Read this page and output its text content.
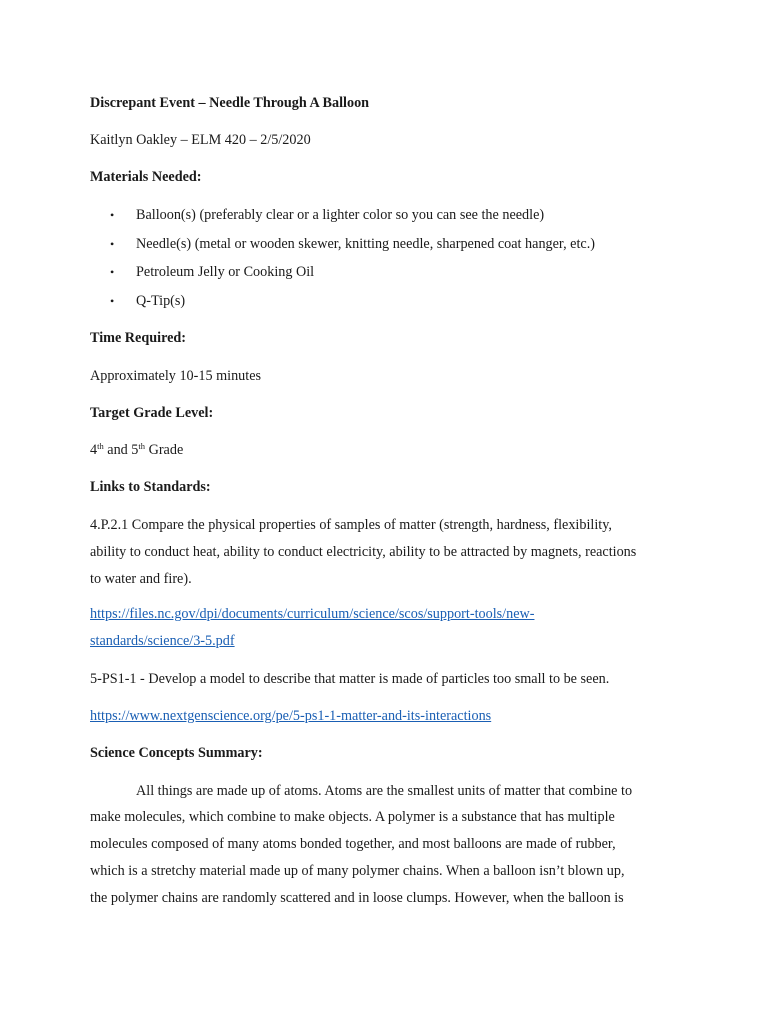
Discrepant Event – Needle Through A Balloon
Kaitlyn Oakley – ELM 420 – 2/5/2020
Materials Needed:
• Balloon(s) (preferably clear or a lighter color so you can see the needle)
• Needle(s) (metal or wooden skewer, knitting needle, sharpened coat hanger, etc.)
• Petroleum Jelly or Cooking Oil
• Q-Tip(s)
Time Required:
Approximately 10-15 minutes
Target Grade Level:
4th and 5th Grade
Links to Standards:
4.P.2.1 Compare the physical properties of samples of matter (strength, hardness, flexibility,
ability to conduct heat, ability to conduct electricity, ability to be attracted by magnets, reactions
to water and fire).
https://files.nc.gov/dpi/documents/curriculum/science/scos/support-tools/new-
standards/science/3-5.pdf
5-PS1-1 - Develop a model to describe that matter is made of particles too small to be seen.
https://www.nextgenscience.org/pe/5-ps1-1-matter-and-its-interactions
Science Concepts Summary:
All things are made up of atoms. Atoms are the smallest units of matter that combine to
make molecules, which combine to make objects. A polymer is a substance that has multiple
molecules composed of many atoms bonded together, and most balloons are made of rubber,
which is a stretchy material made up of many polymer chains. When a balloon isn’t blown up,
the polymer chains are randomly scattered and in loose clumps. However, when the balloon is
